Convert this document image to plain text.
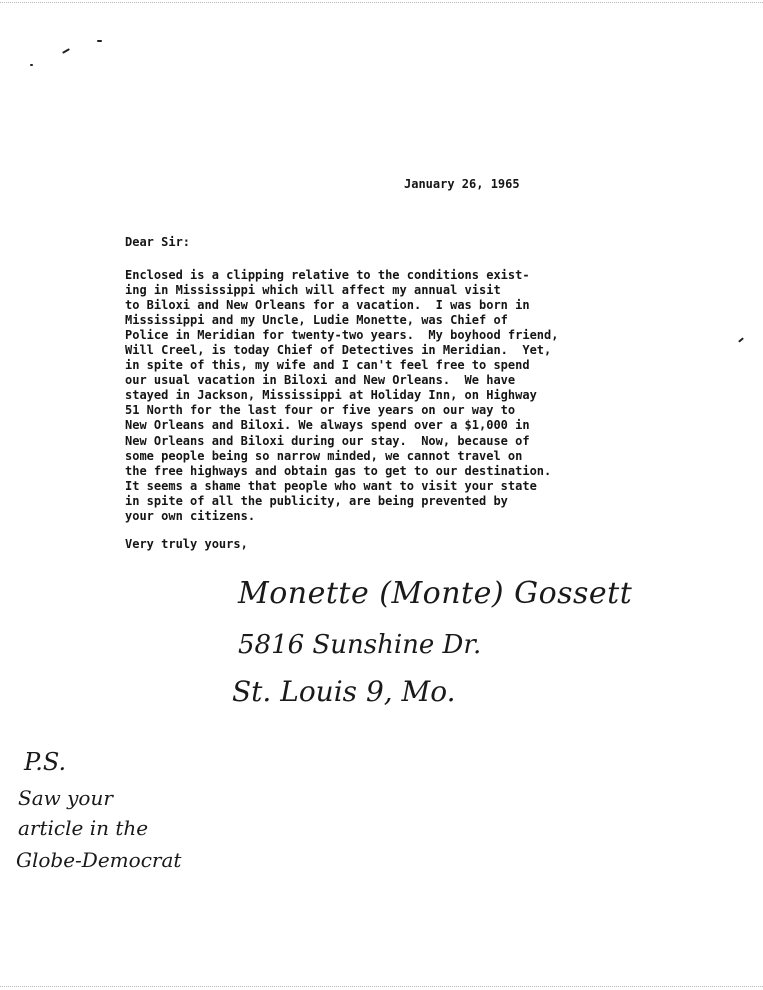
January 26, 1965
Dear Sir:
Enclosed is a clipping relative to the conditions exist-
ing in Mississippi which will affect my annual visit
to Biloxi and New Orleans for a vacation.  I was born in
Mississippi and my Uncle, Ludie Monette, was Chief of
Police in Meridian for twenty-two years.  My boyhood friend,
Will Creel, is today Chief of Detectives in Meridian.  Yet,
in spite of this, my wife and I can't feel free to spend
our usual vacation in Biloxi and New Orleans.  We have
stayed in Jackson, Mississippi at Holiday Inn, on Highway
51 North for the last four or five years on our way to
New Orleans and Biloxi. We always spend over a $1,000 in
New Orleans and Biloxi during our stay.  Now, because of
some people being so narrow minded, we cannot travel on
the free highways and obtain gas to get to our destination.
It seems a shame that people who want to visit your state
in spite of all the publicity, are being prevented by
your own citizens.
Very truly yours,
Monette (Monte) Gossett
5816 Sunshine Dr.
St. Louis 9, Mo.
P.S.
Saw your
article in the
Globe-Democrat
